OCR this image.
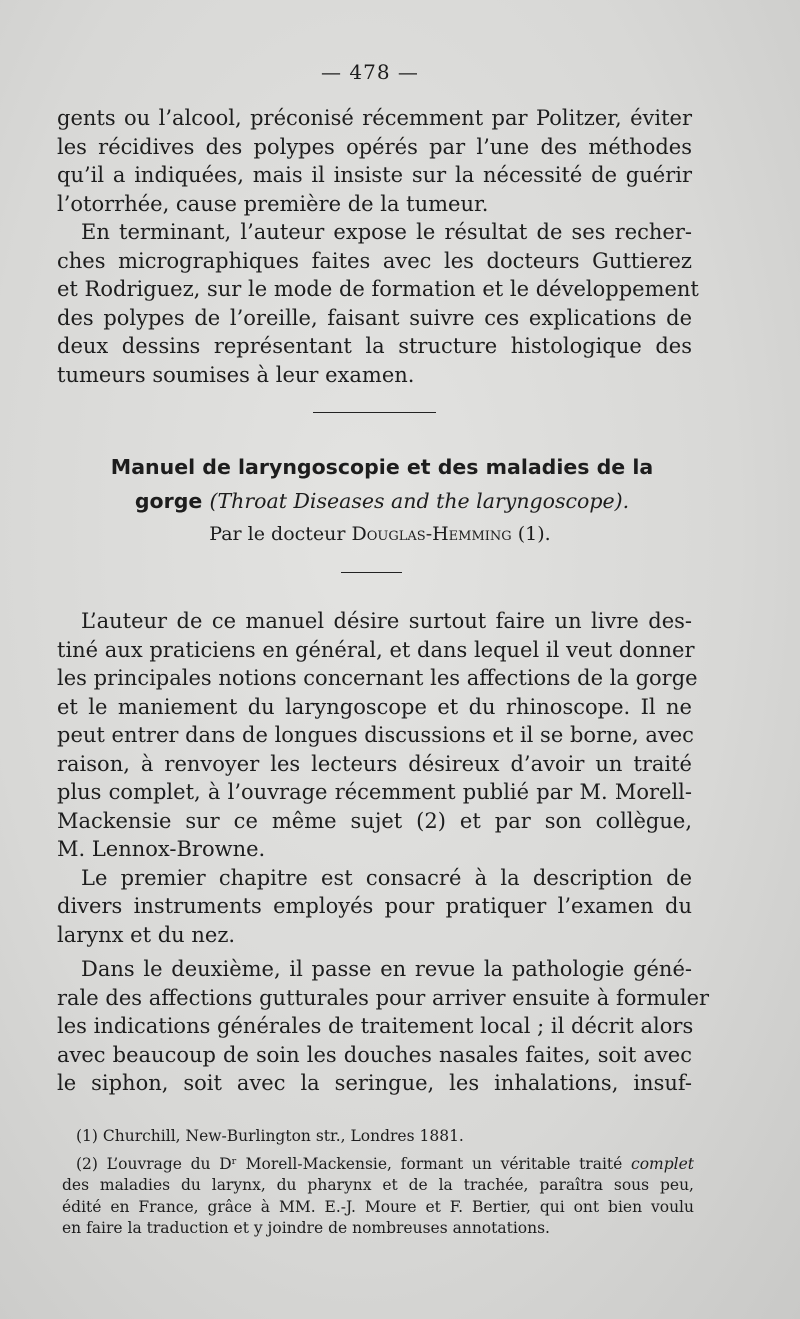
— 478 —

gents ou l’alcool, préconisé récemment par Politzer, éviter
les récidives des polypes opérés par l’une des méthodes
qu’il a indiquées, mais il insiste sur la nécessité de guérir
l’otorrhée, cause première de la tumeur.

En terminant, l’auteur expose le résultat de ses recher-
ches micrographiques faites avec les docteurs Guttierez
et Rodriguez, sur le mode de formation et le développement
des polypes de l’oreille, faisant suivre ces explications de
deux dessins représentant la structure histologique des
tumeurs soumises à leur examen.

Manuel de laryngoscopie et des maladies de la
gorge (Throat Diseases and the laryngoscope).
Par le docteur Douglas-Hemming (1).

L’auteur de ce manuel désire surtout faire un livre des-
tiné aux praticiens en général, et dans lequel il veut donner
les principales notions concernant les affections de la gorge
et le maniement du laryngoscope et du rhinoscope. Il ne
peut entrer dans de longues discussions et il se borne, avec
raison, à renvoyer les lecteurs désireux d’avoir un traité
plus complet, à l’ouvrage récemment publié par M. Morell-
Mackensie sur ce même sujet (2) et par son collègue,
M. Lennox-Browne.

Le premier chapitre est consacré à la description de
divers instruments employés pour pratiquer l’examen du
larynx et du nez.

Dans le deuxième, il passe en revue la pathologie géné-
rale des affections gutturales pour arriver ensuite à formuler
les indications générales de traitement local ; il décrit alors
avec beaucoup de soin les douches nasales faites, soit avec
le siphon, soit avec la seringue, les inhalations, insuf-

(1) Churchill, New-Burlington str., Londres 1881.
(2) L’ouvrage du Dʳ Morell-Mackensie, formant un véritable traité complet
des maladies du larynx, du pharynx et de la trachée, paraîtra sous peu,
édité en France, grâce à MM. E.-J. Moure et F. Bertier, qui ont bien voulu
en faire la traduction et y joindre de nombreuses annotations.
